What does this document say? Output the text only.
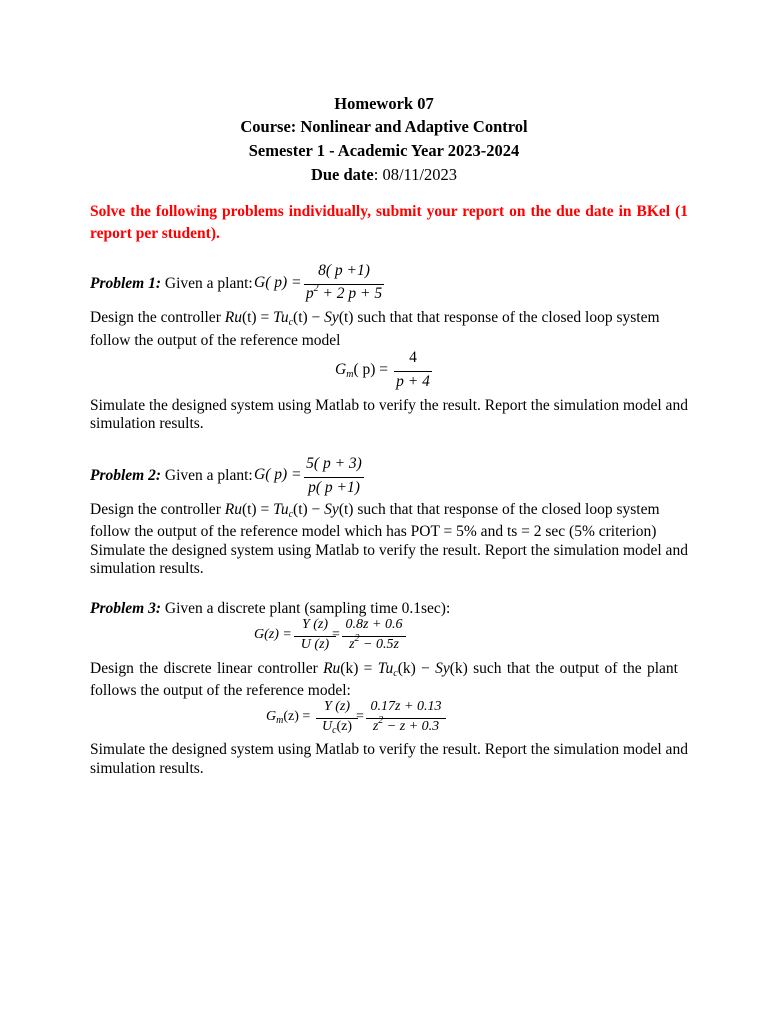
Homework 07
Course: Nonlinear and Adaptive Control
Semester 1 - Academic Year 2023-2024
Due date: 08/11/2023
Solve the following problems individually, submit your report on the due date in BKel (1
report per student).
Problem 1: Given a plant: G( p) =
8( p +1)
$p^2 + 2$ p + 5
Design the controller $Ru(t) = Tu_c(t) - Sy(t)$ such that that response of the closed loop system
follow the output of the reference model
$G_m$( p) =
4
p + 4
Simulate the designed system using Matlab to verify the result. Report the simulation model and
simulation results.
Problem 2: Given a plant: G( p) =
5( p + 3)
p( p +1)
Design the controller $Ru(t) = Tu_c(t) - Sy(t)$ such that that response of the closed loop system
follow the output of the reference model which has POT = 5% and ts = 2 sec (5% criterion)
Simulate the designed system using Matlab to verify the result. Report the simulation model and
simulation results.
Problem 3: Given a discrete plant (sampling time 0.1sec):
G(z) =
Y (z)
U (z)
=
0.8z + 0.6
$z^2 - 0.5z$
Design the discrete linear controller $Ru(k) = Tu_c(k) - Sy(k)$ such that the output of the plant
follows the output of the reference model:
$G_m(z)$ =
Y (z)
$U_c(z)$
=
0.17z + 0.13
$z^2 - z + 0.3$
Simulate the designed system using Matlab to verify the result. Report the simulation model and
simulation results.
